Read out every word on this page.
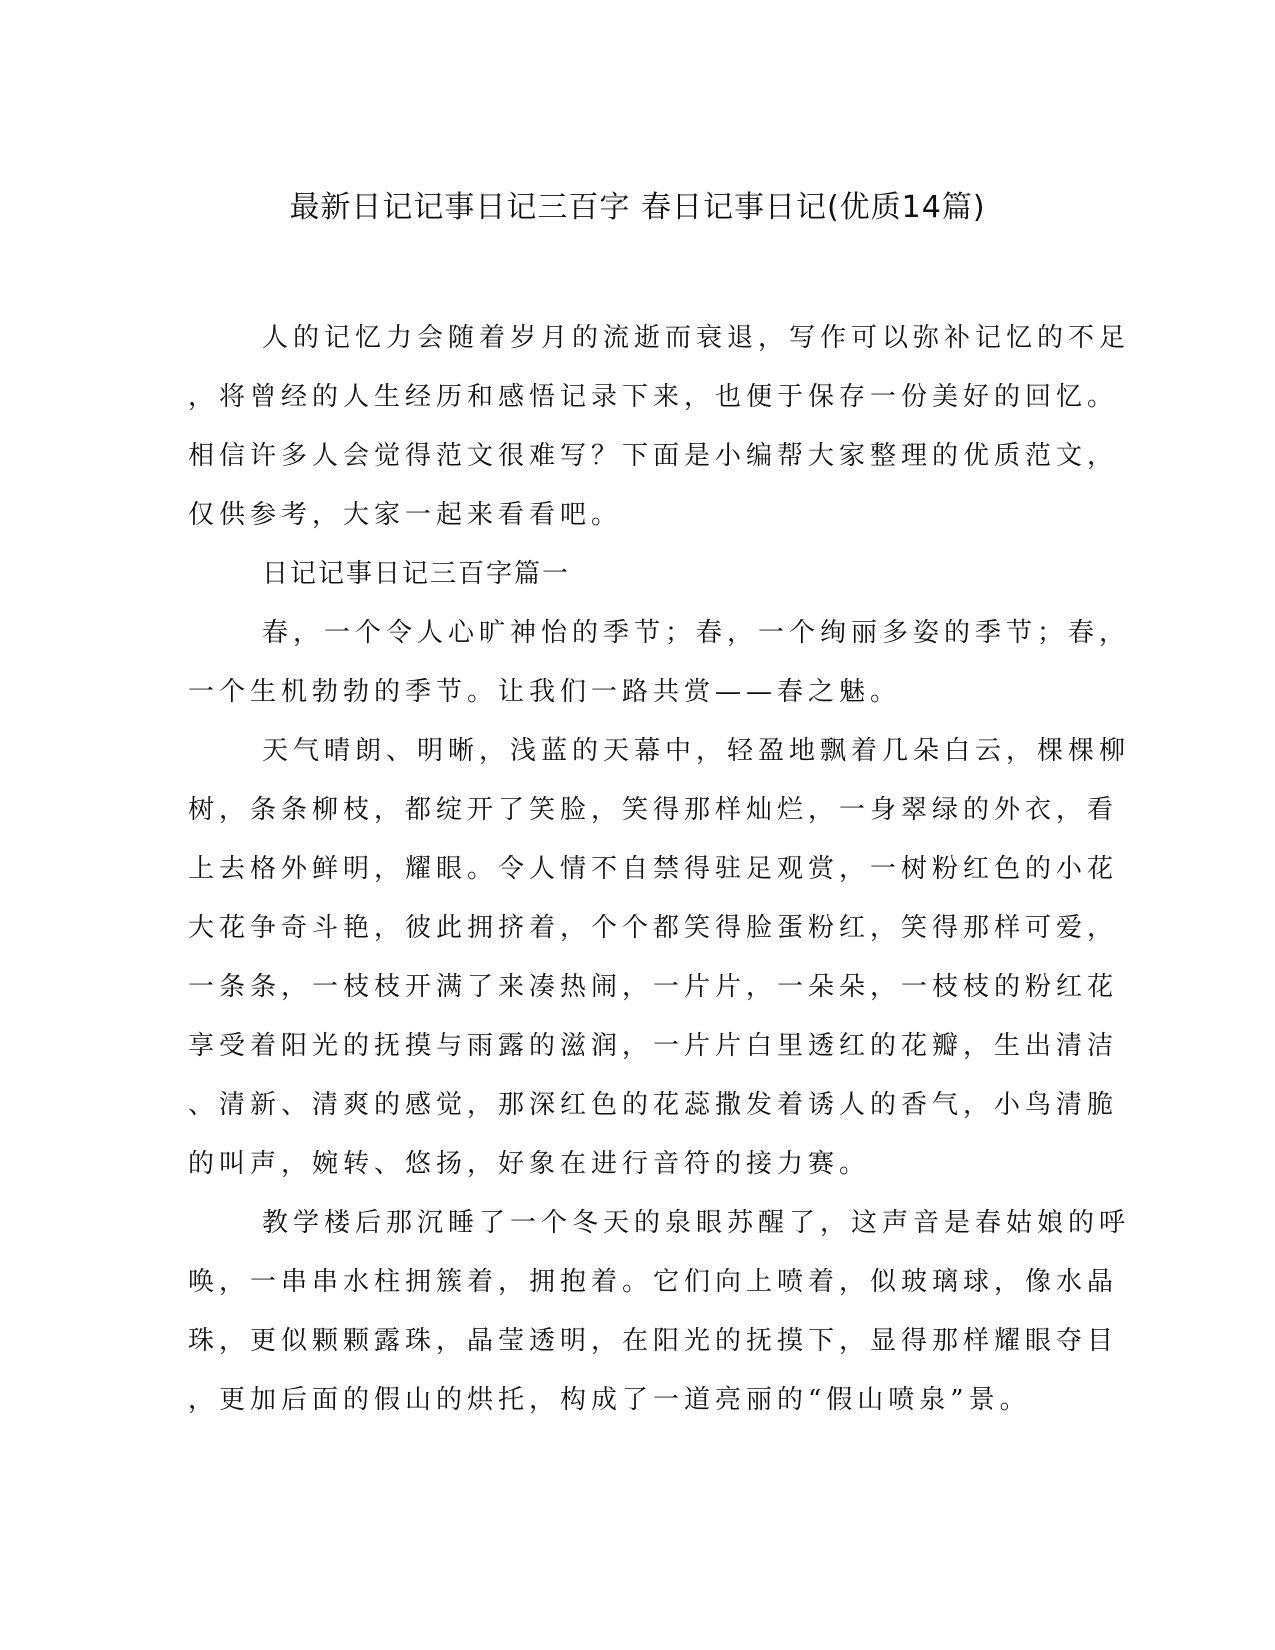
最新日记记事日记三百字 春日记事日记(优质14篇)
人的记忆力会随着岁月的流逝而衰退，写作可以弥补记忆的不足
，将曾经的人生经历和感悟记录下来，也便于保存一份美好的回忆。
相信许多人会觉得范文很难写？下面是小编帮大家整理的优质范文，
仅供参考，大家一起来看看吧。
日记记事日记三百字篇一
春，一个令人心旷神怡的季节；春，一个绚丽多姿的季节；春，
一个生机勃勃的季节。让我们一路共赏——春之魅。
天气晴朗、明晰，浅蓝的天幕中，轻盈地飘着几朵白云，棵棵柳
树，条条柳枝，都绽开了笑脸，笑得那样灿烂，一身翠绿的外衣，看
上去格外鲜明，耀眼。令人情不自禁得驻足观赏，一树粉红色的小花
大花争奇斗艳，彼此拥挤着，个个都笑得脸蛋粉红，笑得那样可爱，
一条条，一枝枝开满了来凑热闹，一片片，一朵朵，一枝枝的粉红花
享受着阳光的抚摸与雨露的滋润，一片片白里透红的花瓣，生出清洁
、清新、清爽的感觉，那深红色的花蕊撒发着诱人的香气，小鸟清脆
的叫声，婉转、悠扬，好象在进行音符的接力赛。
教学楼后那沉睡了一个冬天的泉眼苏醒了，这声音是春姑娘的呼
唤，一串串水柱拥簇着，拥抱着。它们向上喷着，似玻璃球，像水晶
珠，更似颗颗露珠，晶莹透明，在阳光的抚摸下，显得那样耀眼夺目
，更加后面的假山的烘托，构成了一道亮丽的“假山喷泉”景。
